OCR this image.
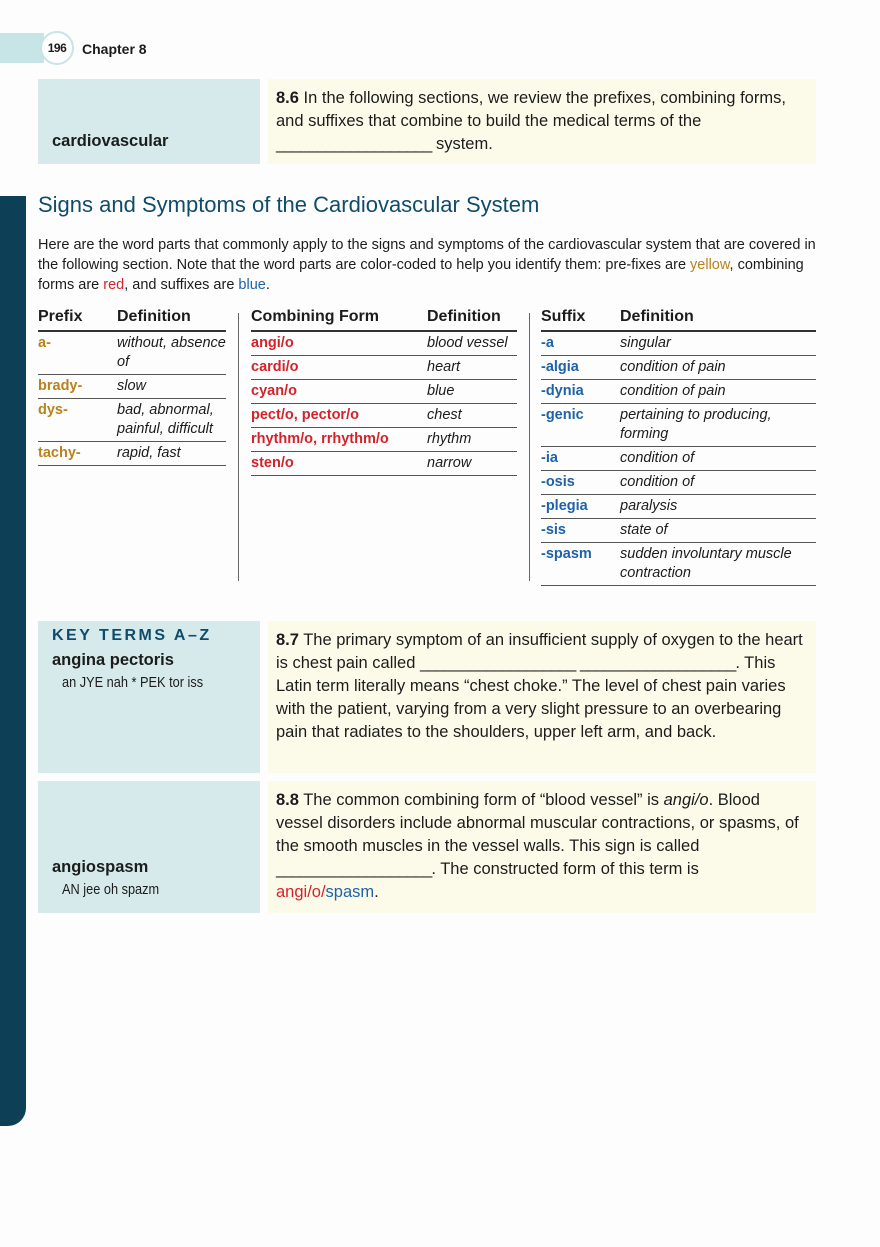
196	Chapter 8
cardiovascular
8.6 In the following sections, we review the prefixes, combining forms, and suffixes that combine to build the medical terms of the ___________________ system.
Signs and Symptoms of the Cardiovascular System
Here are the word parts that commonly apply to the signs and symptoms of the cardiovascular system that are covered in the following section. Note that the word parts are color-coded to help you identify them: pre-fixes are yellow, combining forms are red, and suffixes are blue.
Prefix	Definition
a-	without, absence of
brady-	slow
dys-	bad, abnormal, painful, difficult
tachy-	rapid, fast
Combining Form	Definition
angi/o	blood vessel
cardi/o	heart
cyan/o	blue
pect/o, pector/o	chest
rhythm/o, rrhythm/o	rhythm
sten/o	narrow
Suffix	Definition
-a	singular
-algia	condition of pain
-dynia	condition of pain
-genic	pertaining to producing, forming
-ia	condition of
-osis	condition of
-plegia	paralysis
-sis	state of
-spasm	sudden involuntary muscle contraction
KEY TERMS A–Z
angina pectoris
an JYE nah * PEK tor iss
8.7 The primary symptom of an insufficient supply of oxygen to the heart is chest pain called ___________________ ___________________. This Latin term literally means “chest choke.” The level of chest pain varies with the patient, varying from a very slight pressure to an overbearing pain that radiates to the shoulders, upper left arm, and back.
angiospasm
AN jee oh spazm
8.8 The common combining form of “blood vessel” is angi/o. Blood vessel disorders include abnormal muscular contractions, or spasms, of the smooth muscles in the vessel walls. This sign is called ___________________. The constructed form of this term is
angi/o/spasm.
